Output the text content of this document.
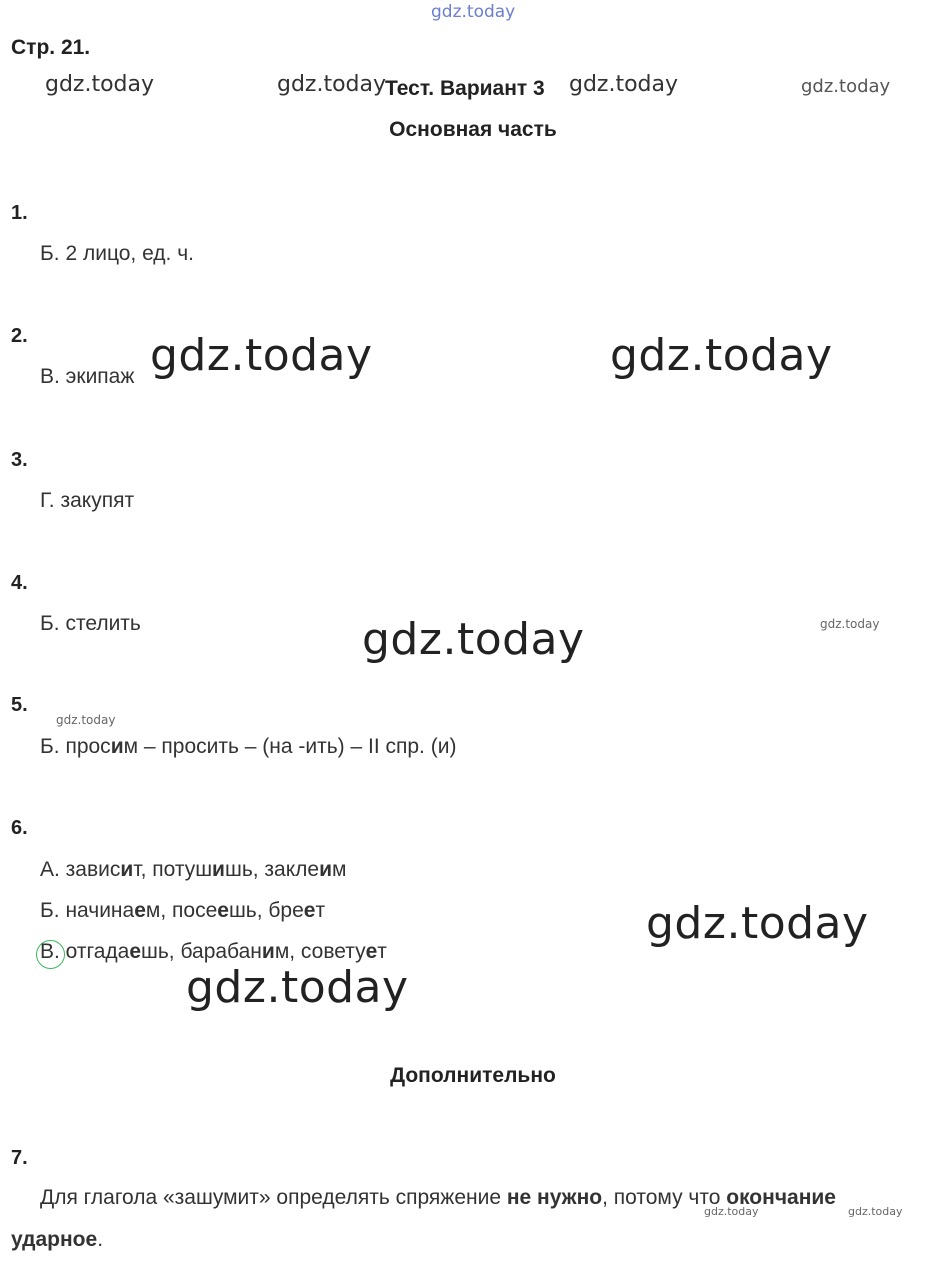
gdz.today
gdz.today	gdz.today	gdz.today	gdz.today
gdz.today	gdz.today
gdz.today	gdz.today
gdz.today
gdz.today
gdz.today
gdz.today	gdz.today
Стр. 21.
Тест. Вариант 3
Основная часть
1.
Б. 2 лицо, ед. ч.
2.
В. экипаж
3.
Г. закупят
4.
Б. стелить
5.
Б. просим – просить – (на -ить) – II спр. (и)
6.
А. зависит, потушишь, заклеим
Б. начинаем, посеешь, бреет
В. отгадаешь, барабаним, советует
Дополнительно
7.
Для глагола «зашумит» определять спряжение не нужно, потому что окончание
ударное.
